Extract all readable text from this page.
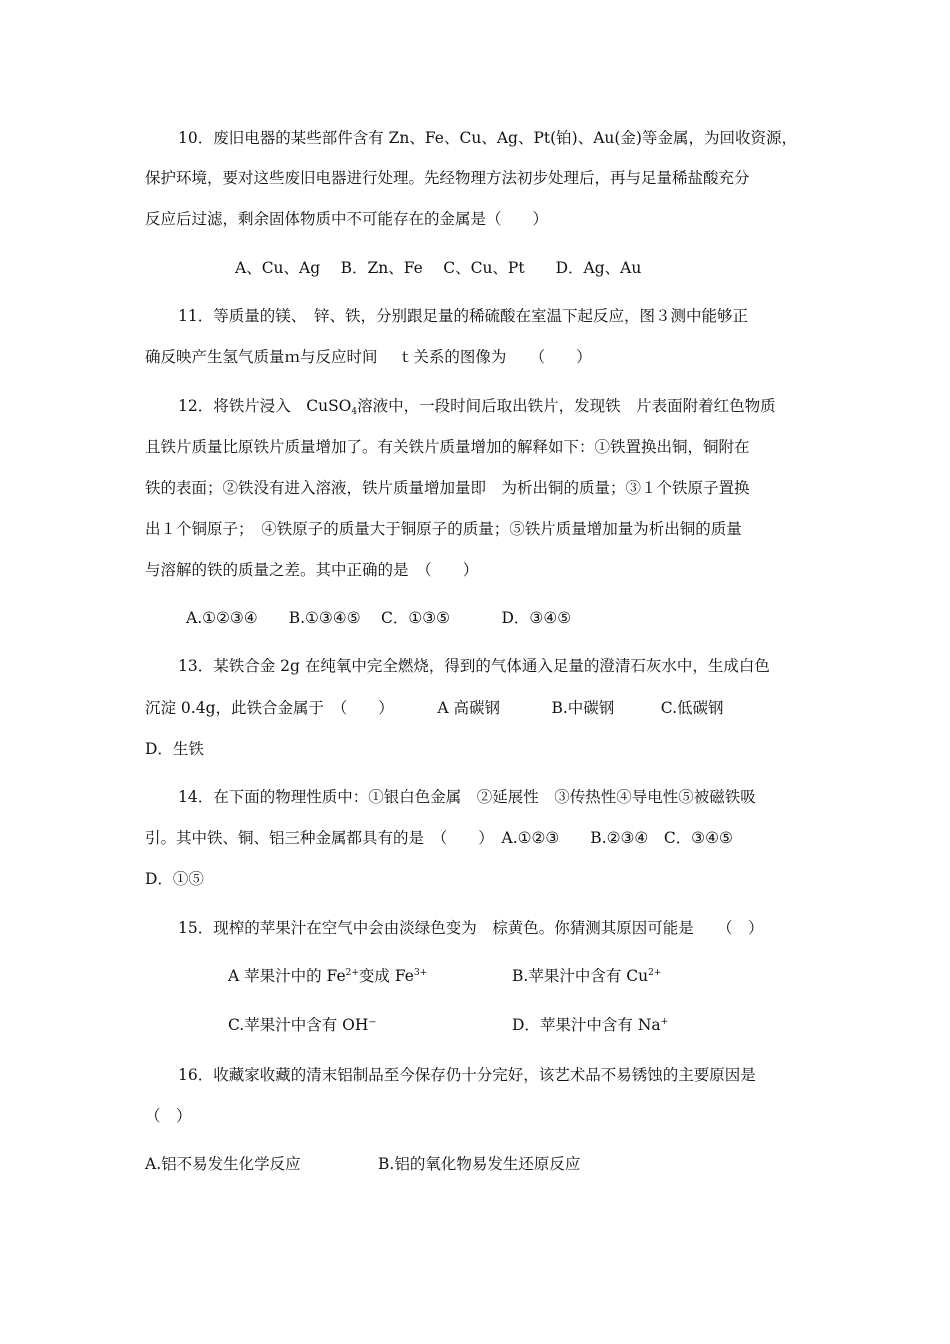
10．废旧电器的某些部件含有 Zn、Fe、Cu、Ag、Pt(铂)、Au(金)等金属，为回收资源，
保护环境，要对这些废旧电器进行处理。先经物理方法初步处理后，再与足量稀盐酸充分
反应后过滤，剩余固体物质中不可能存在的金属是（　　）
A、Cu、Ag　 B．Zn、Fe　 C、Cu、Pt　　D．Ag、Au
11．等质量的镁、　锌、铁，分别跟足量的稀硫酸在室温下起反应，图３测中能够正
确反映产生氢气质量ｍ与反应时间　 ｔ关系的图像为　　（　　）
12．将铁片浸入　CuSO$_4$溶液中，一段时间后取出铁片，发现铁　片表面附着红色物质
且铁片质量比原铁片质量增加了。有关铁片质量增加的解释如下：①铁置换出铜，铜附在
铁的表面；②铁没有进入溶液，铁片质量增加量即　为析出铜的质量；③１个铁原子置换
出１个铜原子；　④铁原子的质量大于铜原子的质量；⑤铁片质量增加量为析出铜的质量
与溶解的铁的质量之差。其中正确的是　（　　）
A.①②③④　　B.①③④⑤　 C．①③⑤　　　 D．③④⑤
13．某铁合金 2g 在纯氧中完全燃烧，得到的气体通入足量的澄清石灰水中，生成白色
沉淀 0.4g，此铁合金属于　（　　）　　　 A 高碳钢　　　 B.中碳钢　　　C.低碳钢
D．生铁
14．在下面的物理性质中：①银白色金属　②延展性　③传热性④导电性⑤被磁铁吸
引。其中铁、铜、铝三种金属都具有的是　（　　）　A.①②③　　B.②③④　C．③④⑤
D．①⑤
15．现榨的苹果汁在空气中会由淡绿色变为　棕黄色。你猜测其原因可能是　　（　）
A 苹果汁中的 $Fe^{2+}$变成 $Fe^{3+}$	B.苹果汁中含有 $Cu^{2+}$
C.苹果汁中含有 OH⁻	D．苹果汁中含有 Na+
16．收藏家收藏的清末铝制品至今保存仍十分完好，该艺术品不易锈蚀的主要原因是
（　）
A.铝不易发生化学反应	B.铝的氧化物易发生还原反应
